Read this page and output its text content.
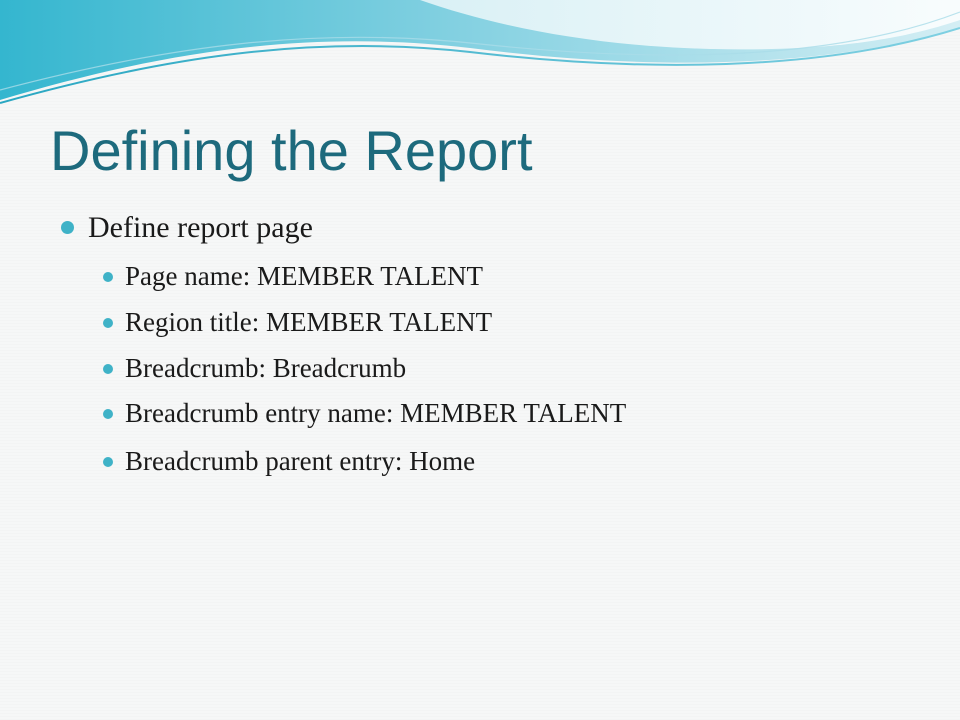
Defining the Report
Define report page
Page name: MEMBER TALENT
Region title: MEMBER TALENT
Breadcrumb: Breadcrumb
Breadcrumb entry name: MEMBER TALENT
Breadcrumb parent entry: Home
